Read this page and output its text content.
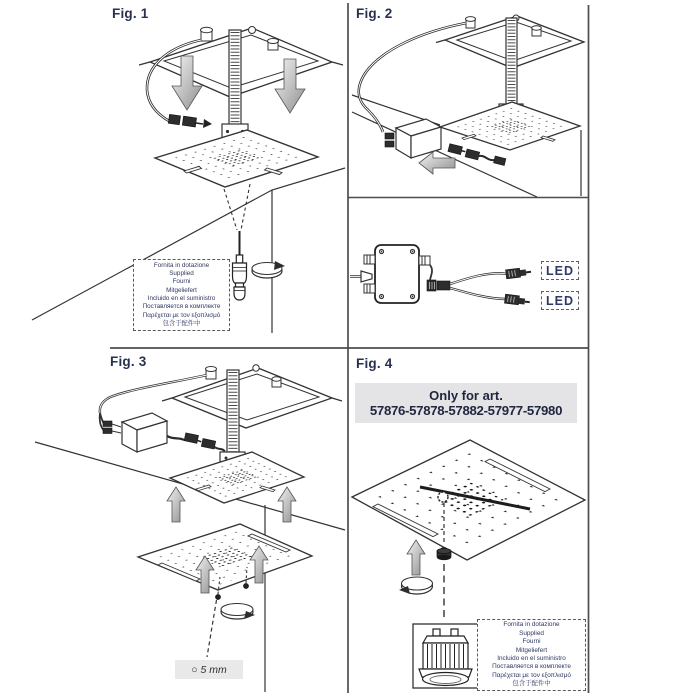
Fig. 1	Fig. 2
Fig. 3	Fig. 4
Fornita in dotazione
Supplied
Fourni
Mitgeliefert
Incluido en el suministro
Поставляется в комплекте
Παρέχεται με τον εξοπλισμό
包含于配件中
LED
LED
Only for art.
57876-57878-57882-57977-57980
○ 5 mm
Fornita in dotazione
Supplied
Fourni
Mitgeliefert
Incluido en el suministro
Поставляется в комплекте
Παρέχεται με τον εξοπλισμό
包含于配件中
